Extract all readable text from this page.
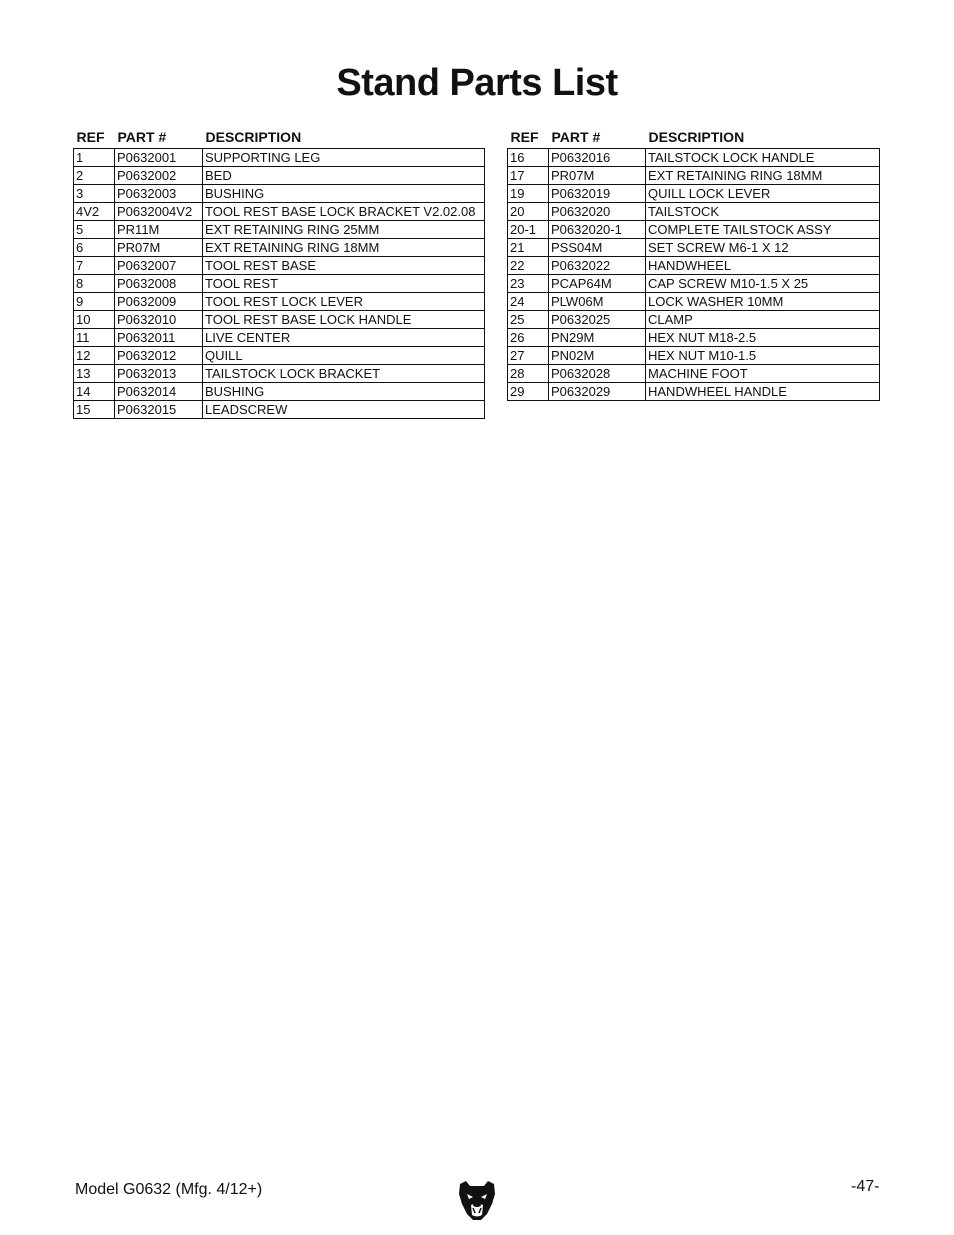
Stand Parts List
REF	PART #	DESCRIPTION
1	P0632001	SUPPORTING LEG
2	P0632002	BED
3	P0632003	BUSHING
4V2	P0632004V2	TOOL REST BASE LOCK BRACKET V2.02.08
5	PR11M	EXT RETAINING RING 25MM
6	PR07M	EXT RETAINING RING 18MM
7	P0632007	TOOL REST BASE
8	P0632008	TOOL REST
9	P0632009	TOOL REST LOCK LEVER
10	P0632010	TOOL REST BASE LOCK HANDLE
11	P0632011	LIVE CENTER
12	P0632012	QUILL
13	P0632013	TAILSTOCK LOCK BRACKET
14	P0632014	BUSHING
15	P0632015	LEADSCREW
REF	PART #	DESCRIPTION
16	P0632016	TAILSTOCK LOCK HANDLE
17	PR07M	EXT RETAINING RING 18MM
19	P0632019	QUILL LOCK LEVER
20	P0632020	TAILSTOCK
20-1	P0632020-1	COMPLETE TAILSTOCK ASSY
21	PSS04M	SET SCREW M6-1 X 12
22	P0632022	HANDWHEEL
23	PCAP64M	CAP SCREW M10-1.5 X 25
24	PLW06M	LOCK WASHER 10MM
25	P0632025	CLAMP
26	PN29M	HEX NUT M18-2.5
27	PN02M	HEX NUT M10-1.5
28	P0632028	MACHINE FOOT
29	P0632029	HANDWHEEL HANDLE
Model G0632 (Mfg. 4/12+)	-47-
